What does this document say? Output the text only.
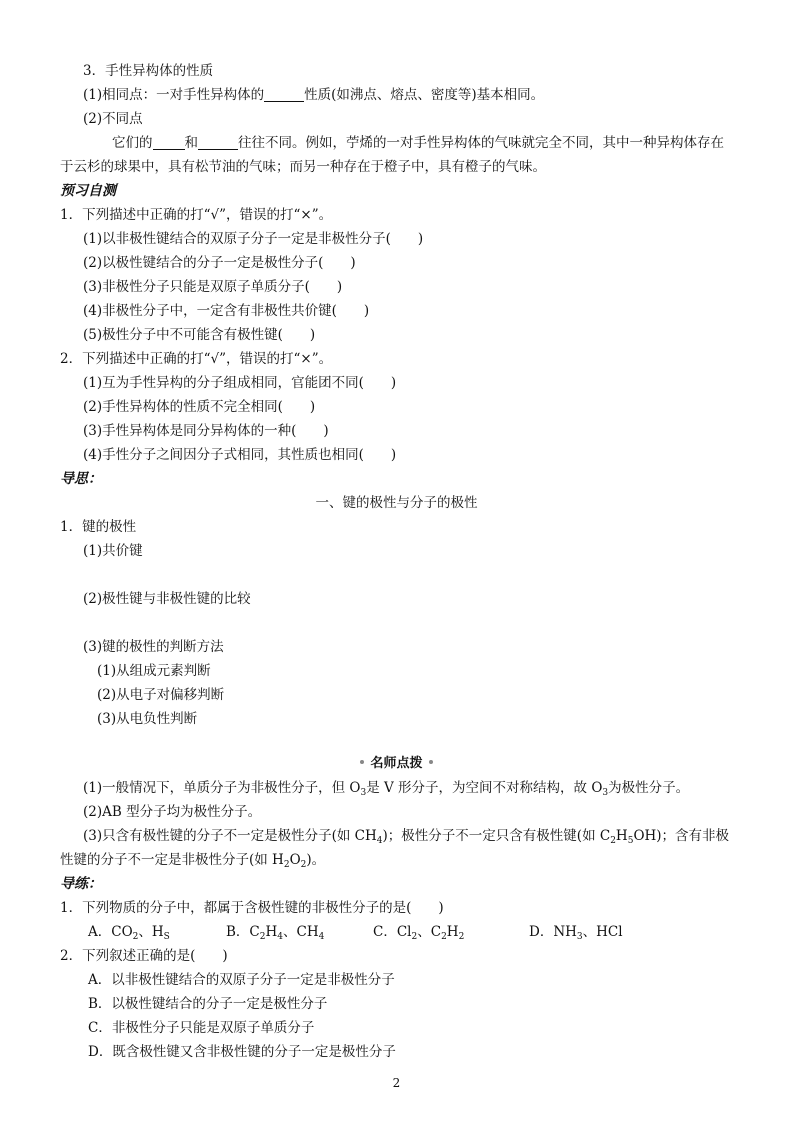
3．手性异构体的性质
(1)相同点：一对手性异构体的	性质(如沸点、熔点、密度等)基本相同。
(2)不同点
它们的 和	往往不同。例如，苧烯的一对手性异构体的气味就完全不同，其中一种异构体存在
于云杉的球果中，具有松节油的气味；而另一种存在于橙子中，具有橙子的气味。
预习自测
1．下列描述中正确的打“√”，错误的打“×”。
(1)以非极性键结合的双原子分子一定是非极性分子(　　)
(2)以极性键结合的分子一定是极性分子(　　)
(3)非极性分子只能是双原子单质分子(　　)
(4)非极性分子中，一定含有非极性共价键(　　)
(5)极性分子中不可能含有极性键(　　)
2．下列描述中正确的打“√”，错误的打“×”。
(1)互为手性异构的分子组成相同，官能团不同(　　)
(2)手性异构体的性质不完全相同(　　)
(3)手性异构体是同分异构体的一种(　　)
(4)手性分子之间因分子式相同，其性质也相同(　　)
导思：
一、键的极性与分子的极性
1．键的极性
(1)共价键
(2)极性键与非极性键的比较
(3)键的极性的判断方法
(1)从组成元素判断
(2)从电子对偏移判断
(3)从电负性判断
名师点拨
(1)一般情况下，单质分子为非极性分子，但 $O_3$是 V 形分子，为空间不对称结构，故 $O_3$为极性分子。
(2)AB 型分子均为极性分子。
(3)只含有极性键的分子不一定是极性分子(如 $CH_4$)；极性分子不一定只含有极性键(如 $C_2H_5OH$)；含有非极
性键的分子不一定是非极性分子(如 $H_2O_2$)。
导练：
1．下列物质的分子中，都属于含极性键的非极性分子的是(　　)
A．$CO_2$、$H_S$	B．$C_2H_4$、$CH_4$	C．$Cl_2$、$C_2H_2$	D．$NH_3$、HCl
2．下列叙述正确的是(　　)
A．以非极性键结合的双原子分子一定是非极性分子
B．以极性键结合的分子一定是极性分子
C．非极性分子只能是双原子单质分子
D．既含极性键又含非极性键的分子一定是极性分子
2
